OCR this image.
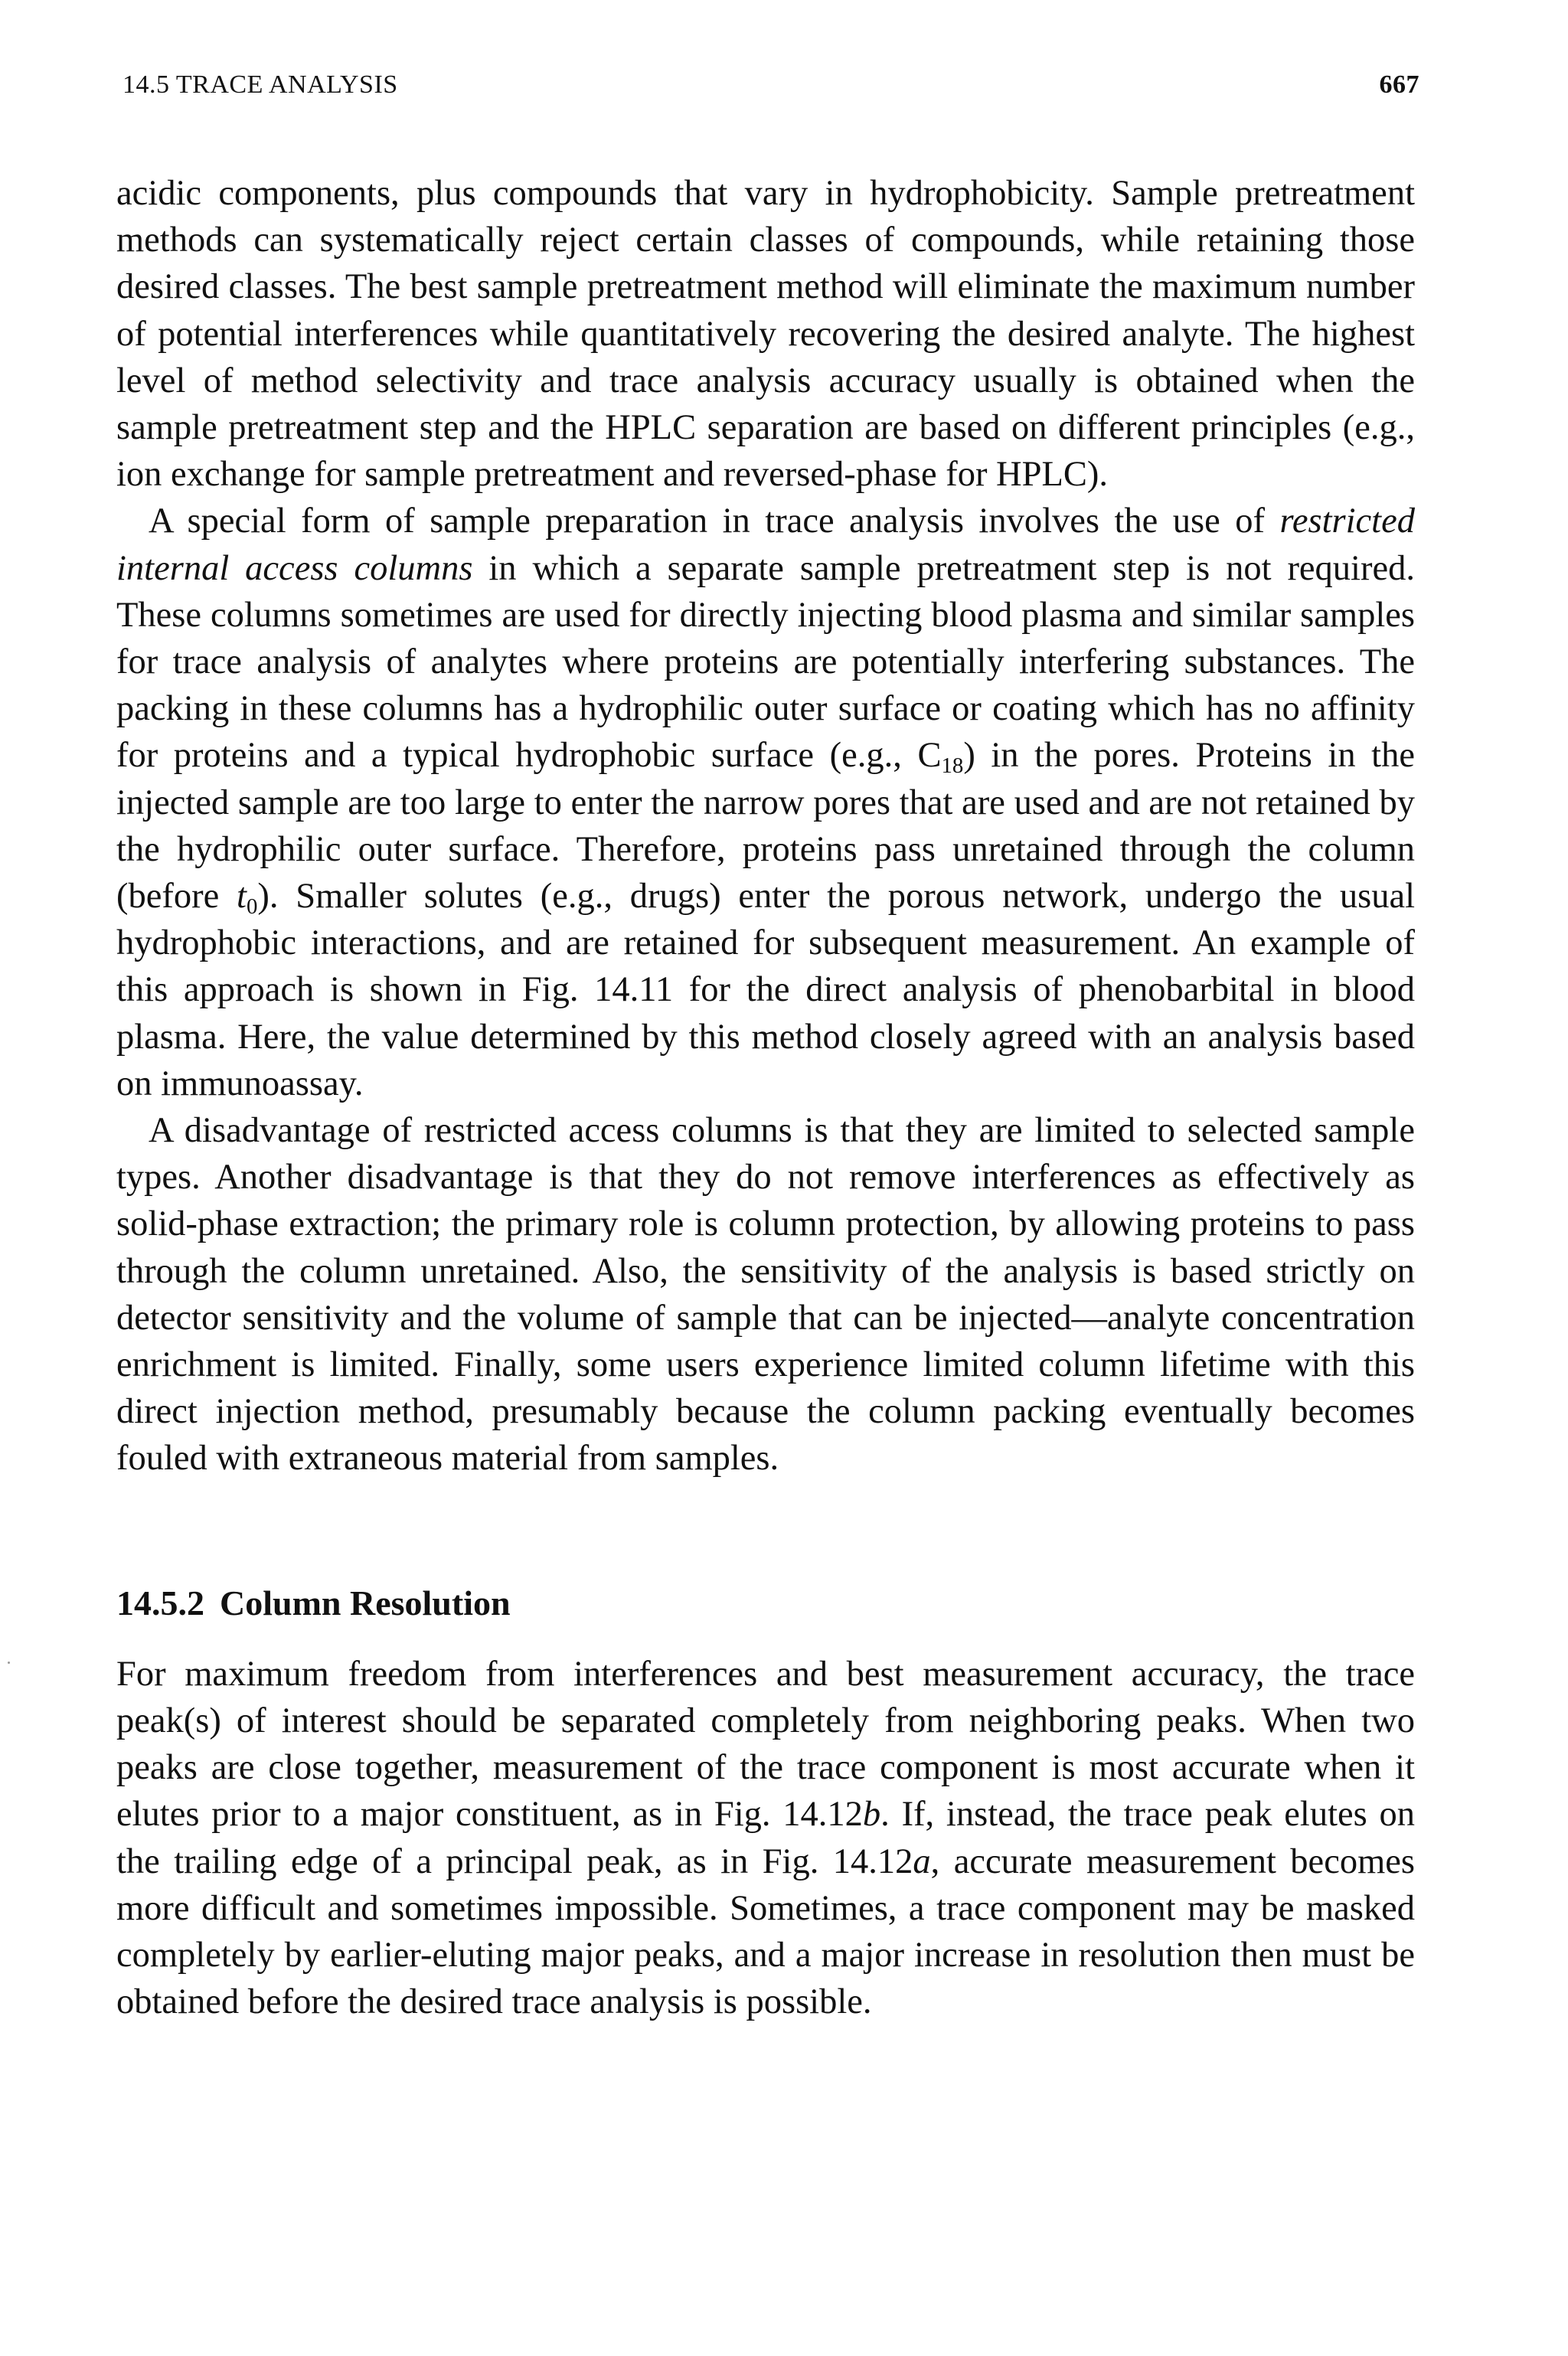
14.5 TRACE ANALYSIS	667

acidic components, plus compounds that vary in hydrophobicity. Sample pretreatment methods can systematically reject certain classes of compounds, while retaining those desired classes. The best sample pretreatment method will eliminate the maximum number of potential interferences while quantitatively recovering the desired analyte. The highest level of method selectivity and trace analysis accuracy usually is obtained when the sample pretreatment step and the HPLC separation are based on different principles (e.g., ion exchange for sample pretreatment and reversed-phase for HPLC).

A special form of sample preparation in trace analysis involves the use of restricted internal access columns in which a separate sample pretreatment step is not required. These columns sometimes are used for directly injecting blood plasma and similar samples for trace analysis of analytes where proteins are potentially interfering substances. The packing in these columns has a hydrophilic outer surface or coating which has no affinity for proteins and a typical hydrophobic surface (e.g., $C_{18}$) in the pores. Proteins in the injected sample are too large to enter the narrow pores that are used and are not retained by the hydrophilic outer surface. Therefore, proteins pass unretained through the column (before $t_0$). Smaller solutes (e.g., drugs) enter the porous network, undergo the usual hydrophobic interactions, and are retained for subsequent measurement. An example of this approach is shown in Fig. 14.11 for the direct analysis of phenobarbital in blood plasma. Here, the value determined by this method closely agreed with an analysis based on immunoassay.

A disadvantage of restricted access columns is that they are limited to selected sample types. Another disadvantage is that they do not remove interferences as effectively as solid-phase extraction; the primary role is column protection, by allowing proteins to pass through the column unretained. Also, the sensitivity of the analysis is based strictly on detector sensitivity and the volume of sample that can be injected—analyte concentration enrichment is limited. Finally, some users experience limited column lifetime with this direct injection method, presumably because the column packing eventually becomes fouled with extraneous material from samples.

14.5.2 Column Resolution

For maximum freedom from interferences and best measurement accuracy, the trace peak(s) of interest should be separated completely from neighboring peaks. When two peaks are close together, measurement of the trace component is most accurate when it elutes prior to a major constituent, as in Fig. 14.12b. If, instead, the trace peak elutes on the trailing edge of a principal peak, as in Fig. 14.12a, accurate measurement becomes more difficult and sometimes impossible. Sometimes, a trace component may be masked completely by earlier-eluting major peaks, and a major increase in resolution then must be obtained before the desired trace analysis is possible.
